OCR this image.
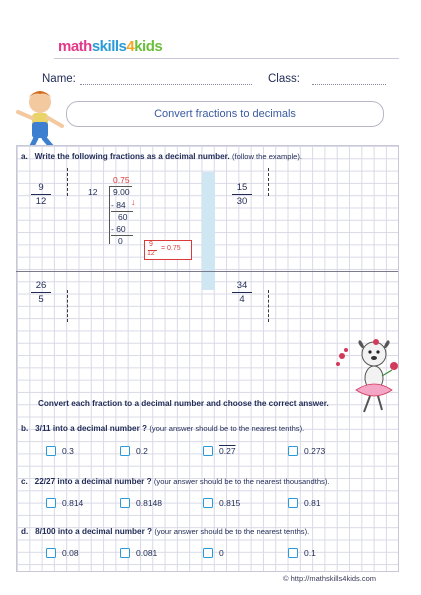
mathskills4kids
Name:	Class:
Convert fractions to decimals
a. Write the following fractions as a decimal number. (follow the example).
9
12
15
30
26
5
34
4
0.75
12 9.00
- 84 ↓
60
- 60
0	9
12
= 0.75
Convert each fraction to a decimal number and choose the correct answer.
b. 3/11 into a decimal number ? (your answer should be to the nearest tenths).
0.3	0.2	0.27	0.273
c. 22/27 into a decimal number ? (your answer should be to the nearest thousandths).
0.814	0.8148	0.815	0.81
d. 8/100 into a decimal number ? (your answer should be to the nearest tenths).
0.08	0.081	0	0.1
© http://mathskills4kids.com
